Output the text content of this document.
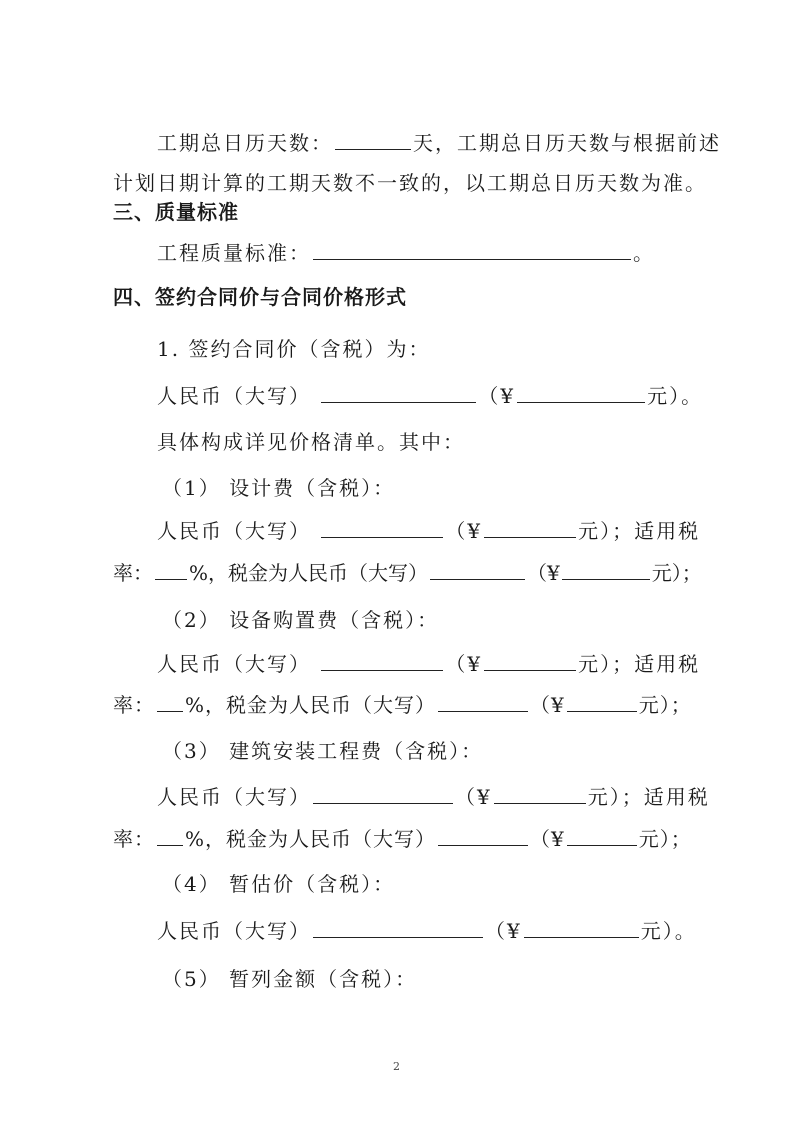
工期总日历天数：	天，工期总日历天数与根据前述
计划日期计算的工期天数不一致的，以工期总日历天数为准。
三、质量标准
工程质量标准：	。
四、签约合同价与合同价格形式
1. 签约合同价（含税）为：
人民币（大写）	（¥	元）。
具体构成详见价格清单。其中：
（1） 设计费（含税）：
人民币（大写）	（¥	元）；适用税
率： %，税金为人民币（大写）	（¥	元）；
（2） 设备购置费（含税）：
人民币（大写）	（¥	元）；适用税
率： %，税金为人民币（大写）	（¥	元）；
（3） 建筑安装工程费（含税）：
人民币（大写）	（¥	元）；适用税
率： %，税金为人民币（大写）	（¥	元）；
（4） 暂估价（含税）：
人民币（大写）	（¥	元）。
（5） 暂列金额（含税）：
2
